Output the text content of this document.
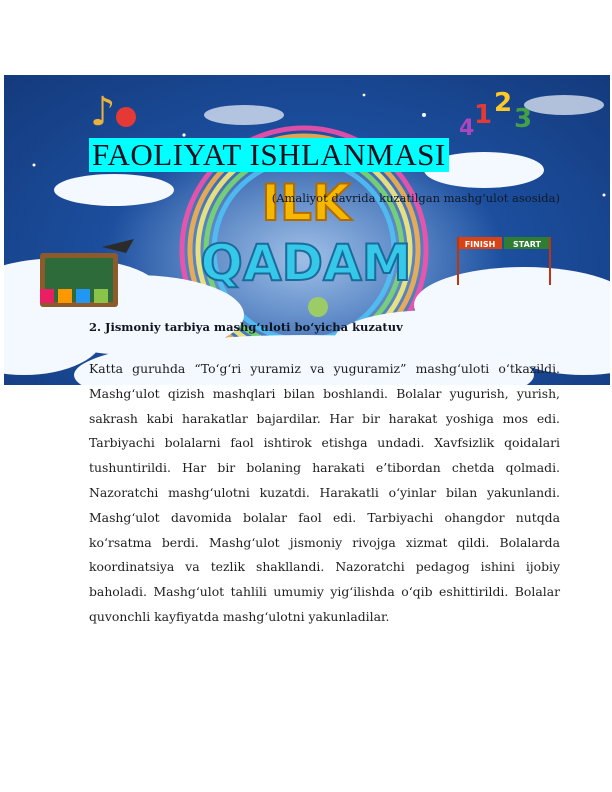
♪	1 2
3
4
FINISH START
ILK
QADAM
FAOLIYAT ISHLANMASI
(Amaliyot davrida kuzatilgan mashg‘ulot asosida)
2. Jismoniy tarbiya mashg‘uloti bo‘yicha kuzatuv
Katta guruhda “To‘g‘ri yuramiz va yuguramiz” mashg‘uloti o‘tkazildi. Mashg‘ulot qizish mashqlari bilan boshlandi. Bolalar yugurish, yurish, sakrash kabi harakatlar bajardilar. Har bir harakat yoshiga mos edi. Tarbiyachi bolalarni faol ishtirok etishga undadi. Xavfsizlik qoidalari tushuntirildi. Har bir bolaning harakati e’tibordan chetda qolmadi. Nazoratchi mashg‘ulotni kuzatdi. Harakatli o‘yinlar bilan yakunlandi. Mashg‘ulot davomida bolalar faol edi. Tarbiyachi ohangdor nutqda ko‘rsatma berdi. Mashg‘ulot jismoniy rivojga xizmat qildi. Bolalarda koordinatsiya va tezlik shakllandi. Nazoratchi pedagog ishini ijobiy baholadi. Mashg‘ulot tahlili umumiy yig‘ilishda o‘qib eshittirildi. Bolalar quvonchli kayfiyatda mashg‘ulotni yakunladilar.
